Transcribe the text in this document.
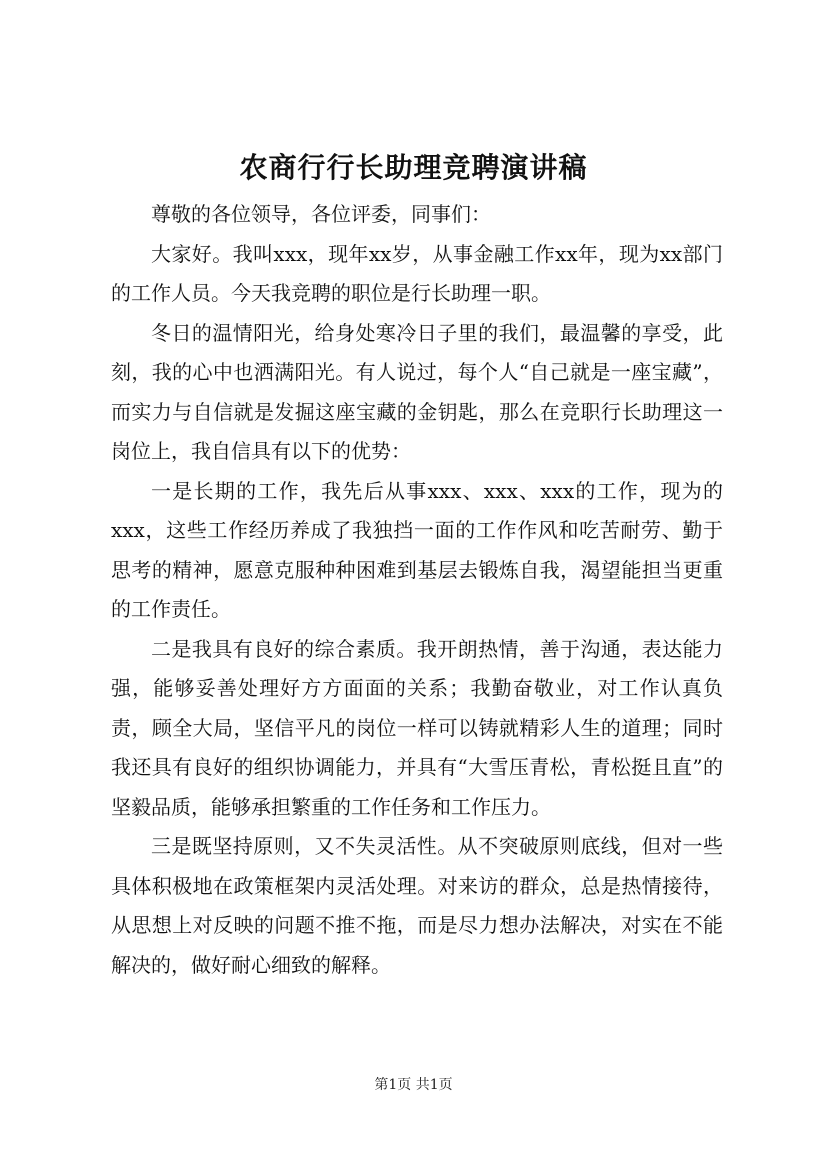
农商行行长助理竞聘演讲稿

尊敬的各位领导，各位评委，同事们：

大家好。我叫xxx，现年xx岁，从事金融工作xx年，现为xx部门的工作人员。今天我竞聘的职位是行长助理一职。

冬日的温情阳光，给身处寒冷日子里的我们，最温馨的享受，此刻，我的心中也洒满阳光。有人说过，每个人“自己就是一座宝藏”，而实力与自信就是发掘这座宝藏的金钥匙，那么在竞职行长助理这一岗位上，我自信具有以下的优势：

一是长期的工作，我先后从事xxx、xxx、xxx的工作，现为的xxx，这些工作经历养成了我独挡一面的工作作风和吃苦耐劳、勤于思考的精神，愿意克服种种困难到基层去锻炼自我，渴望能担当更重的工作责任。

二是我具有良好的综合素质。我开朗热情，善于沟通，表达能力强，能够妥善处理好方方面面的关系；我勤奋敬业，对工作认真负责，顾全大局，坚信平凡的岗位一样可以铸就精彩人生的道理；同时我还具有良好的组织协调能力，并具有“大雪压青松，青松挺且直”的坚毅品质，能够承担繁重的工作任务和工作压力。

三是既坚持原则，又不失灵活性。从不突破原则底线，但对一些具体积极地在政策框架内灵活处理。对来访的群众，总是热情接待，从思想上对反映的问题不推不拖，而是尽力想办法解决，对实在不能解决的，做好耐心细致的解释。

第1页 共1页
